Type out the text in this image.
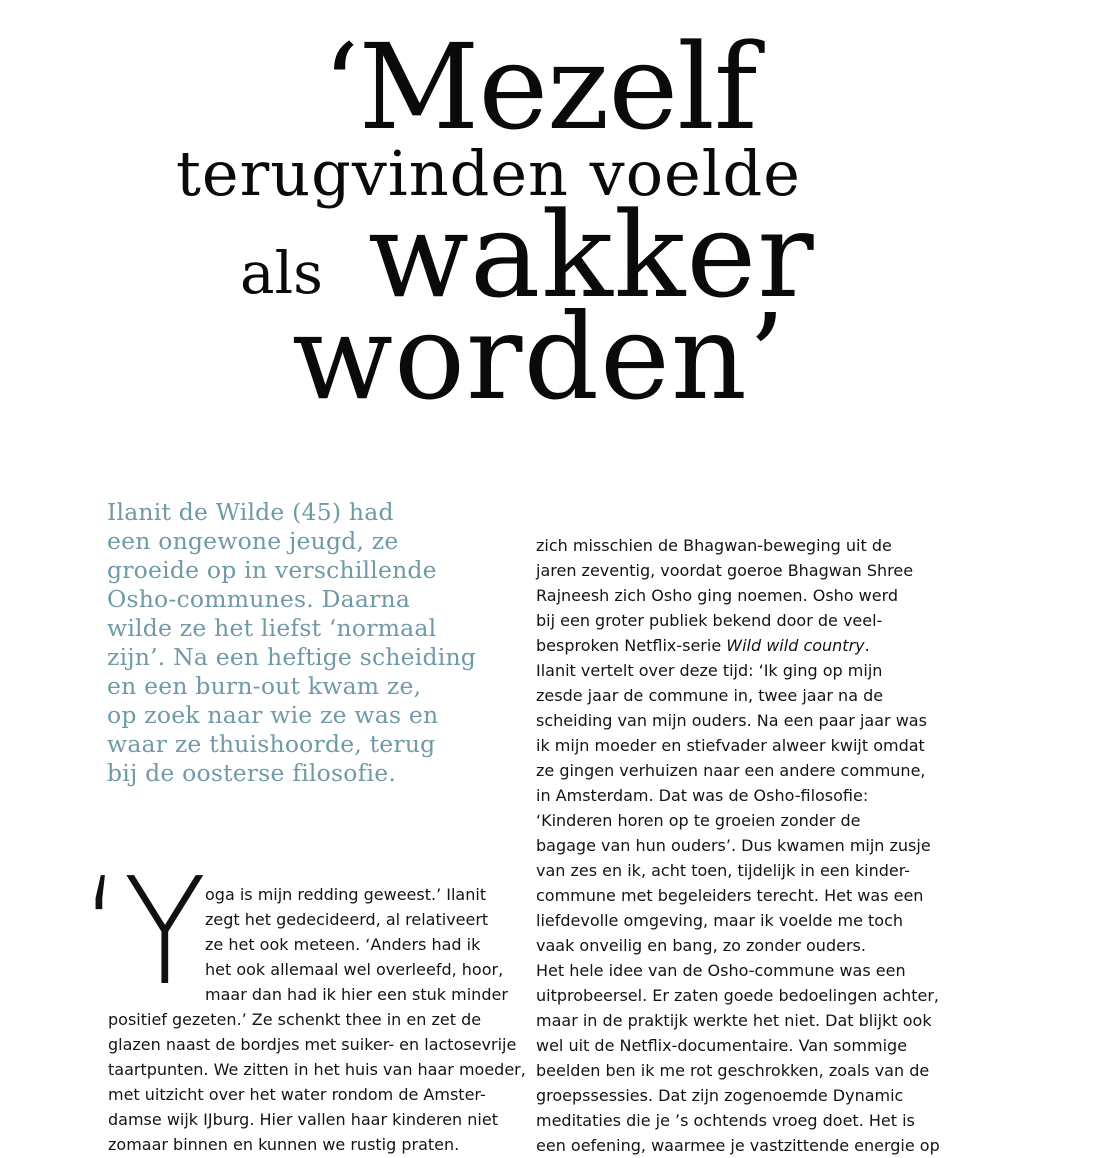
‘Mezelf
terugvinden voelde
als wakker
worden’

Ilanit de Wilde (45) had
een ongewone jeugd, ze
groeide op in verschillende
Osho-communes. Daarna
wilde ze het liefst ‘normaal
zijn’. Na een heftige scheiding
en een burn-out kwam ze,
op zoek naar wie ze was en
waar ze thuishoorde, terug
bij de oosterse filosofie.

‘Y
oga is mijn redding geweest.’ Ilanit
zegt het gedecideerd, al relativeert
ze het ook meteen. ‘Anders had ik
het ook allemaal wel overleefd, hoor,
maar dan had ik hier een stuk minder
positief gezeten.’ Ze schenkt thee in en zet de
glazen naast de bordjes met suiker- en lactosevrije
taartpunten. We zitten in het huis van haar moeder,
met uitzicht over het water rondom de Amster-
damse wijk IJburg. Hier vallen haar kinderen niet
zomaar binnen en kunnen we rustig praten.
zich misschien de Bhagwan-beweging uit de
jaren zeventig, voordat goeroe Bhagwan Shree
Rajneesh zich Osho ging noemen. Osho werd
bij een groter publiek bekend door de veel-
besproken Netflix-serie Wild wild country.
Ilanit vertelt over deze tijd: ‘Ik ging op mijn
zesde jaar de commune in, twee jaar na de
scheiding van mijn ouders. Na een paar jaar was
ik mijn moeder en stiefvader alweer kwijt omdat
ze gingen verhuizen naar een andere commune,
in Amsterdam. Dat was de Osho-filosofie:
‘Kinderen horen op te groeien zonder de
bagage van hun ouders’. Dus kwamen mijn zusje
van zes en ik, acht toen, tijdelijk in een kinder-
commune met begeleiders terecht. Het was een
liefdevolle omgeving, maar ik voelde me toch
vaak onveilig en bang, zo zonder ouders.
Het hele idee van de Osho-commune was een
uitprobeersel. Er zaten goede bedoelingen achter,
maar in de praktijk werkte het niet. Dat blijkt ook
wel uit de Netflix-documentaire. Van sommige
beelden ben ik me rot geschrokken, zoals van de
groepssessies. Dat zijn zogenoemde Dynamic
meditaties die je ’s ochtends vroeg doet. Het is
een oefening, waarmee je vastzittende energie op
